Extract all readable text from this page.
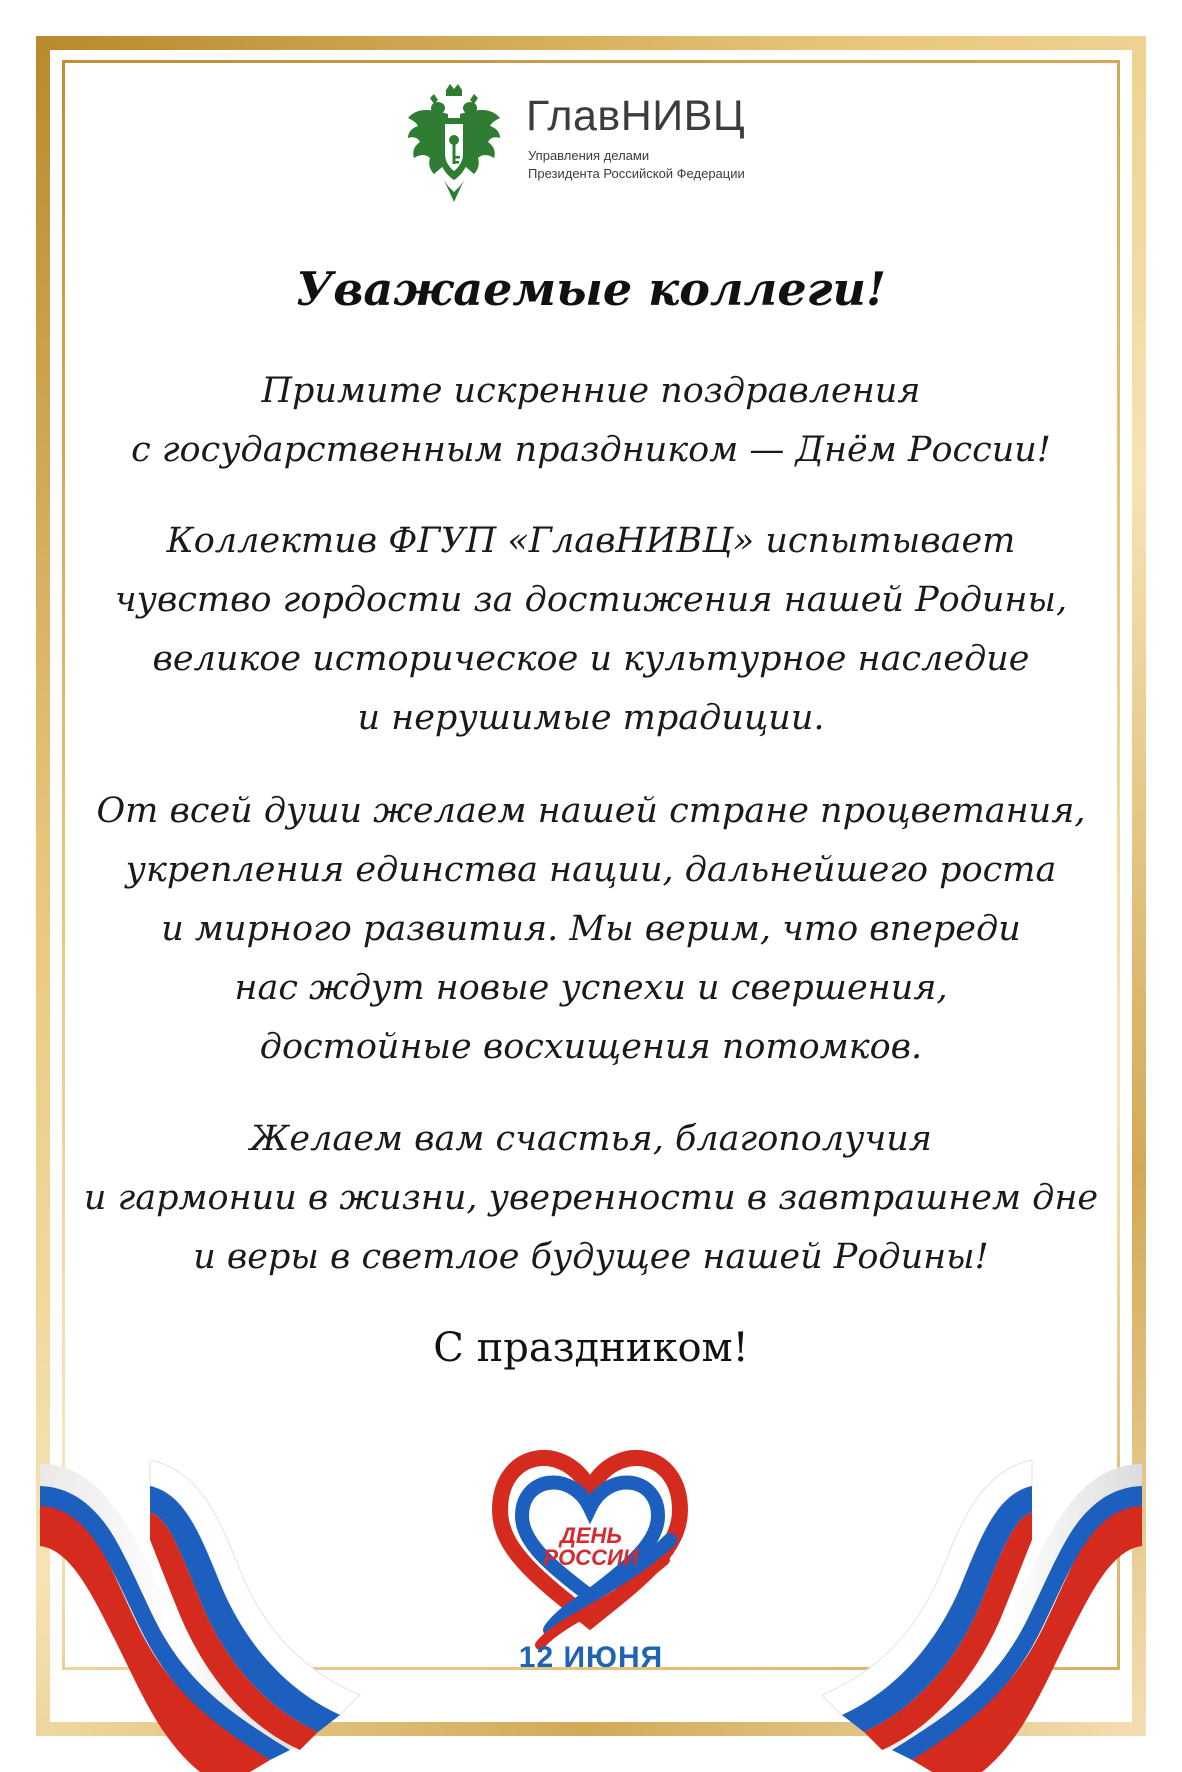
ГлавНИВЦ
Управления делами
Президента Российской Федерации
Уважаемые коллеги!
Примите искренние поздравления
с государственным праздником — Днём России!
Коллектив ФГУП «ГлавНИВЦ» испытывает
чувство гордости за достижения нашей Родины,
великое историческое и культурное наследие
и нерушимые традиции.
От всей души желаем нашей стране процветания,
укрепления единства нации, дальнейшего роста
и мирного развития. Мы верим, что впереди
нас ждут новые успехи и свершения,
достойные восхищения потомков.
Желаем вам счастья, благополучия
и гармонии в жизни, уверенности в завтрашнем дне
и веры в светлое будущее нашей Родины!
С праздником!
ДЕНЬ
РОССИИ
12 ИЮНЯ
